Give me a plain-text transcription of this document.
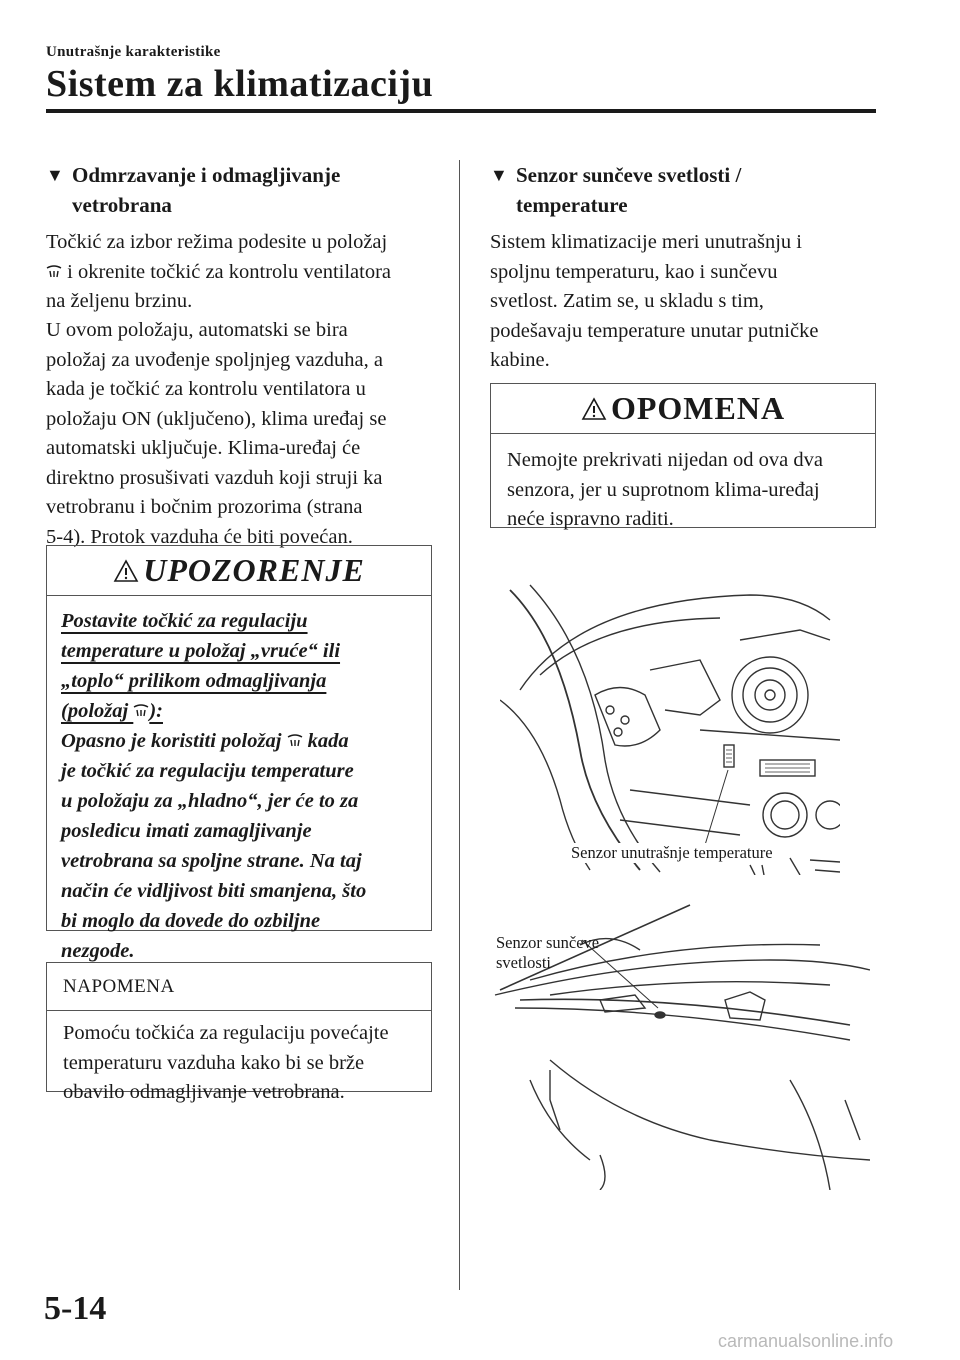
Unutrašnje karakteristike
Sistem za klimatizaciju
▼ Odmrzavanje i odmagljivanje
vetrobrana

Točkić za izbor režima podesite u položaj

i okrenite točkić za kontrolu ventilatora

na željenu brzinu.

U ovom položaju, automatski se bira

položaj za uvođenje spoljnjeg vazduha, a

kada je točkić za kontrolu ventilatora u

položaju ON (uključeno), klima uređaj se

automatski uključuje. Klima-uređaj će

direktno prosušivati vazduh koji struji ka

vetrobranu i bočnim prozorima (strana

5-4). Protok vazduha će biti povećan.

UPOZORENJE
Postavite točkić za regulaciju
temperature u položaj „vruće“ ili
„toplo“ prilikom odmagljivanja
(položaj ):
Opasno je koristiti položaj  kada
je točkić za regulaciju temperature
u položaju za „hladno“, jer će to za
posledicu imati zamagljivanje
vetrobrana sa spoljne strane. Na taj
način će vidljivost biti smanjena, što
bi moglo da dovede do ozbiljne
nezgode.
NAPOMENA
Pomoću točkića za regulaciju povećajte
temperaturu vazduha kako bi se brže
obavilo odmagljivanje vetrobrana.
▼ Senzor sunčeve svetlosti /
temperature

Sistem klimatizacije meri unutrašnju i

spoljnu temperaturu, kao i sunčevu

svetlost. Zatim se, u skladu s tim,

podešavaju temperature unutar putničke

kabine.

OPOMENA
Nemojte prekrivati nijedan od ova dva
senzora, jer u suprotnom klima-uređaj
neće ispravno raditi.
Senzor unutrašnje temperature
Senzor sunčeve
svetlosti
5-14
carmanualsonline.info
